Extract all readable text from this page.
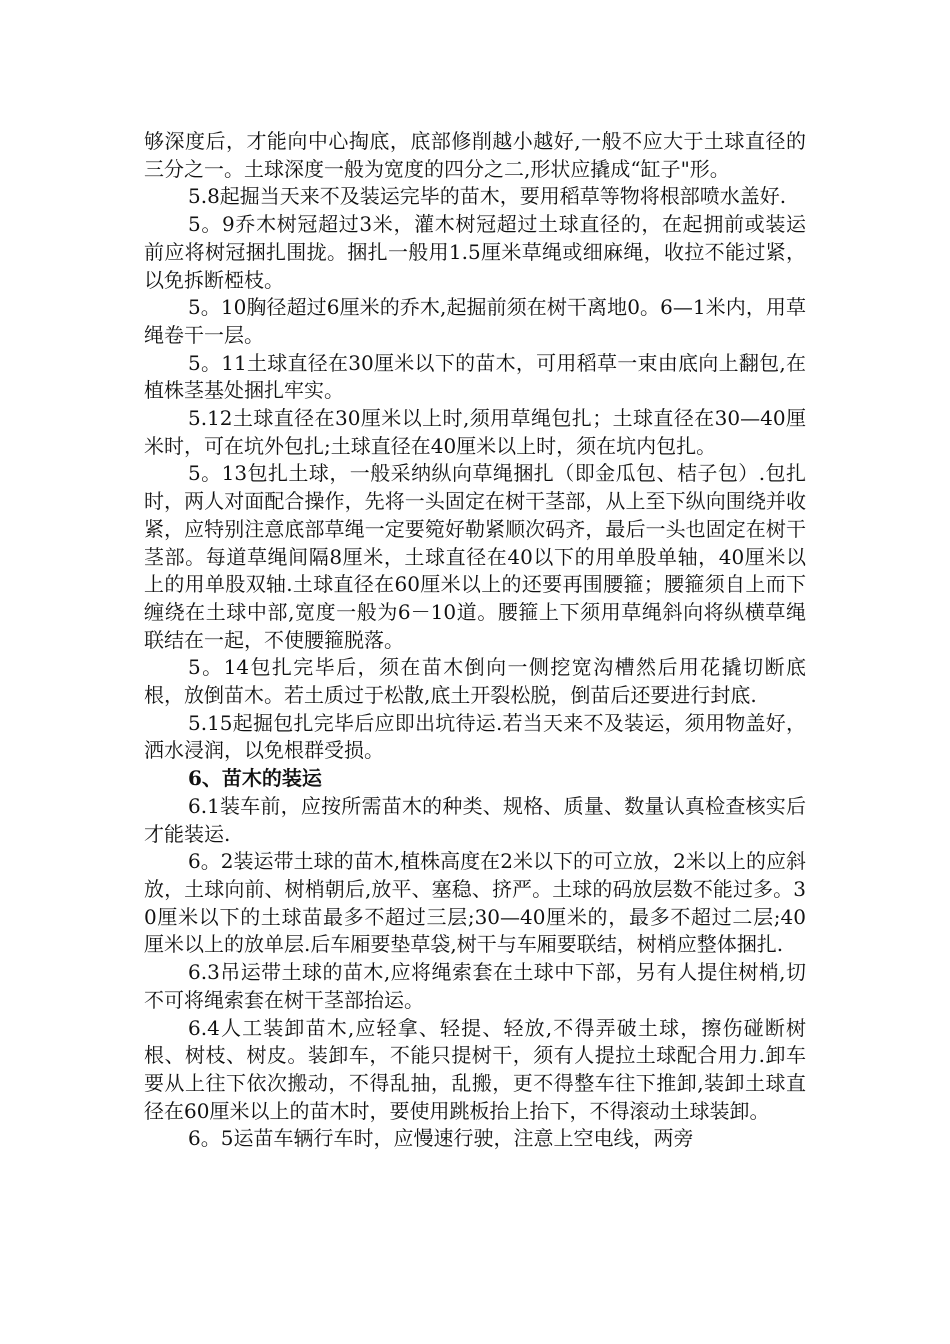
够深度后，才能向中心掏底，底部修削越小越好,一般不应大于土球直径的三分之一。土球深度一般为宽度的四分之二,形状应撬成“缸子"形。

5.8起掘当天来不及装运完毕的苗木，要用稻草等物将根部喷水盖好.

5。9乔木树冠超过3米，灌木树冠超过土球直径的，在起拥前或装运前应将树冠捆扎围拢。捆扎一般用1.5厘米草绳或细麻绳，收拉不能过紧，以免拆断椏枝。

5。10胸径超过6厘米的乔木,起掘前须在树干离地0。6—1米内，用草绳卷干一层。

5。11土球直径在30厘米以下的苗木，可用稻草一束由底向上翻包,在植株茎基处捆扎牢实。

5.12土球直径在30厘米以上时,须用草绳包扎；土球直径在30—40厘米时，可在坑外包扎;土球直径在40厘米以上时，须在坑内包扎。

5。13包扎土球，一般采纳纵向草绳捆扎（即金瓜包、桔子包）.包扎时，两人对面配合操作，先将一头固定在树干茎部，从上至下纵向围绕并收紧，应特别注意底部草绳一定要箢好勒紧顺次码齐，最后一头也固定在树干茎部。每道草绳间隔8厘米，土球直径在40以下的用单股单轴，40厘米以上的用单股双轴.土球直径在60厘米以上的还要再围腰箍；腰箍须自上而下缠绕在土球中部,宽度一般为6－10道。腰箍上下须用草绳斜向将纵横草绳联结在一起，不使腰箍脱落。

5。14包扎完毕后，须在苗木倒向一侧挖宽沟槽然后用花撬切断底根，放倒苗木。若土质过于松散,底土开裂松脱，倒苗后还要进行封底.

5.15起掘包扎完毕后应即出坑待运.若当天来不及装运，须用物盖好，洒水浸润，以免根群受损。

6、苗木的装运

6.1装车前，应按所需苗木的种类、规格、质量、数量认真检查核实后才能装运.

6。2装运带土球的苗木,植株高度在2米以下的可立放，2米以上的应斜放，土球向前、树梢朝后,放平、塞稳、挤严。土球的码放层数不能过多。30厘米以下的土球苗最多不超过三层;30—40厘米的，最多不超过二层;40厘米以上的放单层.后车厢要垫草袋,树干与车厢要联结，树梢应整体捆扎.

6.3吊运带土球的苗木,应将绳索套在土球中下部，另有人提住树梢,切不可将绳索套在树干茎部抬运。

6.4人工装卸苗木,应轻拿、轻提、轻放,不得弄破土球，擦伤碰断树根、树枝、树皮。装卸车，不能只提树干，须有人提拉土球配合用力.卸车要从上往下依次搬动，不得乱抽，乱搬，更不得整车往下推卸,装卸土球直径在60厘米以上的苗木时，要使用跳板抬上抬下，不得滚动土球装卸。

6。5运苗车辆行车时，应慢速行驶，注意上空电线，两旁
